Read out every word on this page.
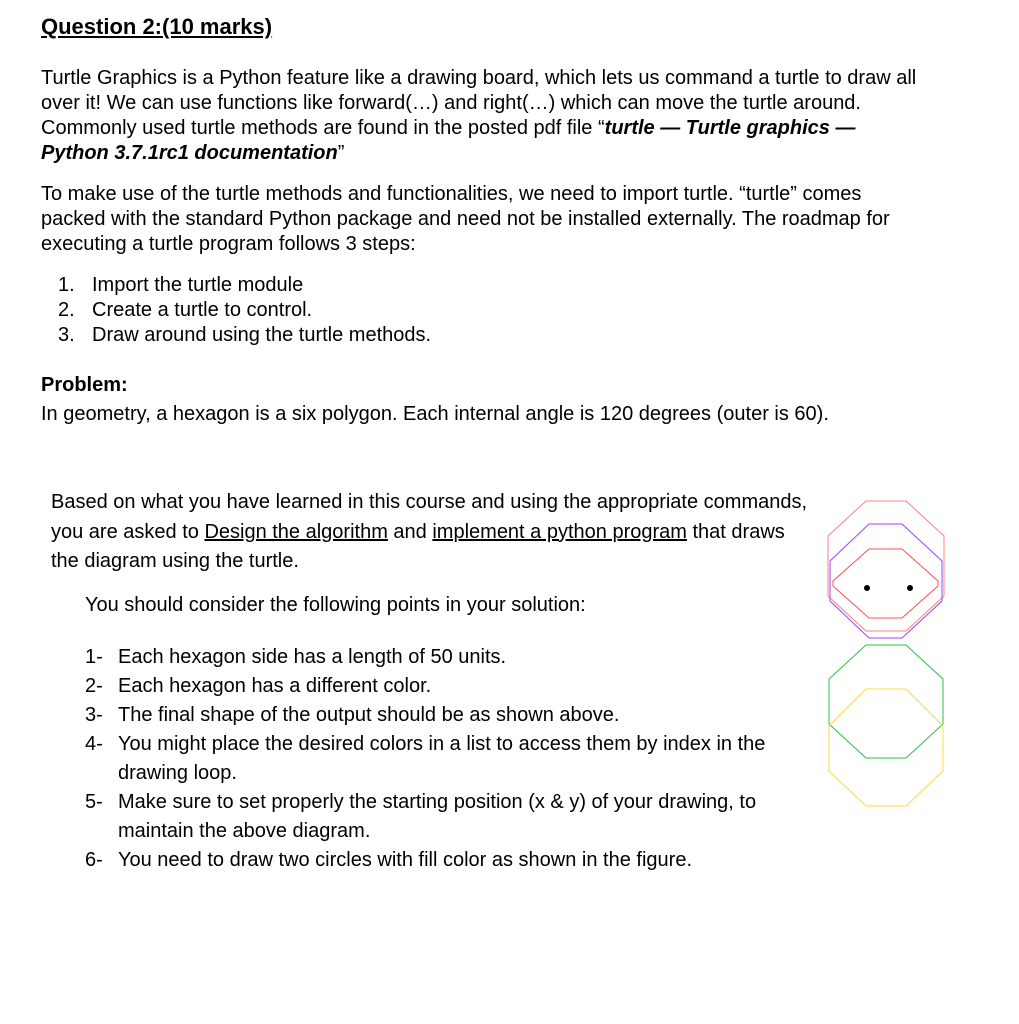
Question 2:(10 marks)
Turtle Graphics is a Python feature like a drawing board, which lets us command a turtle to draw all over it! We can use functions like forward(…) and right(…) which can move the turtle around. Commonly used turtle methods are found in the posted pdf file “turtle — Turtle graphics — Python 3.7.1rc1 documentation”
To make use of the turtle methods and functionalities, we need to import turtle. “turtle” comes packed with the standard Python package and need not be installed externally. The roadmap for executing a turtle program follows 3 steps:
1. Import the turtle module
2. Create a turtle to control.
3. Draw around using the turtle methods.
Problem:
In geometry, a hexagon is a six polygon. Each internal angle is 120 degrees (outer is 60).
Based on what you have learned in this course and using the appropriate commands, you are asked to Design the algorithm and implement a python program that draws the diagram using the turtle.
You should consider the following points in your solution:
1- Each hexagon side has a length of 50 units.
2- Each hexagon has a different color.
3- The final shape of the output should be as shown above.
4- You might place the desired colors in a list to access them by index in the drawing loop.
5- Make sure to set properly the starting position (x & y) of your drawing, to maintain the above diagram.
6- You need to draw two circles with fill color as shown in the figure.
